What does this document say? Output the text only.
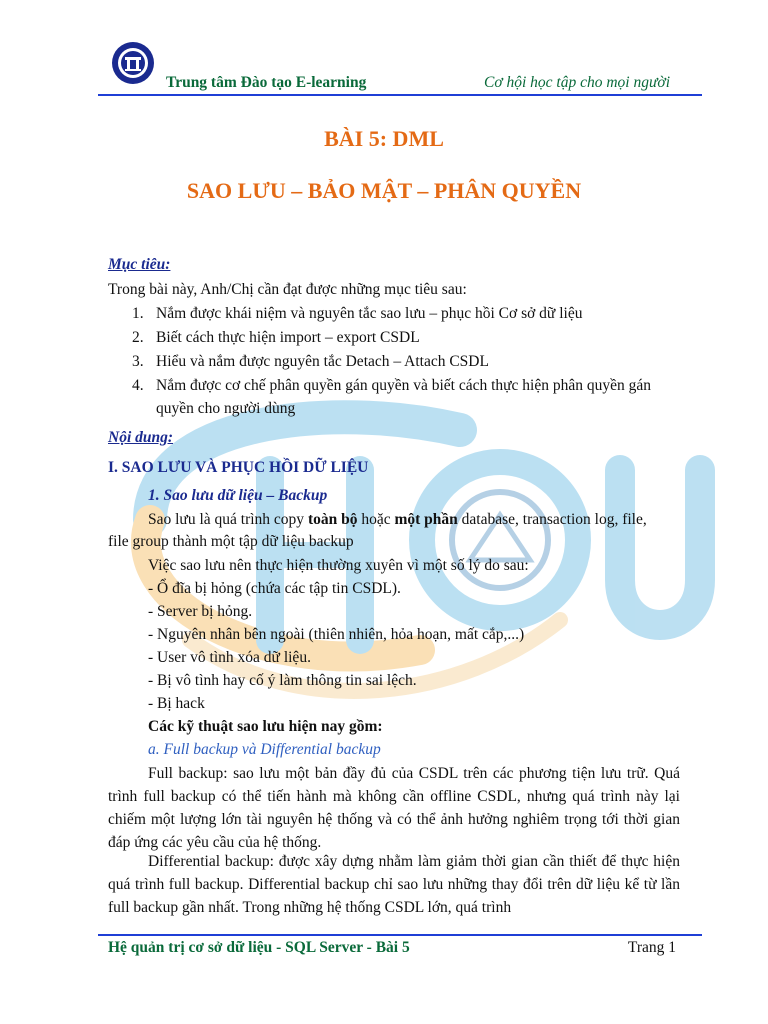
Trung tâm Đào tạo E-learning	Cơ hội học tập cho mọi người
BÀI 5: DML
SAO LƯU – BẢO MẬT – PHÂN QUYỀN
Mục tiêu:
Trong bài này, Anh/Chị cần đạt được những mục tiêu sau:
1. Nắm được khái niệm và nguyên tắc sao lưu – phục hồi Cơ sở dữ liệu
2. Biết cách thực hiện import – export CSDL
3. Hiểu và nắm được nguyên tắc Detach – Attach CSDL
4. Nắm được cơ chế phân quyền gán quyền và biết cách thực hiện phân quyền gán quyền cho người dùng
Nội dung:
I. SAO LƯU VÀ PHỤC HỒI DỮ LIỆU
1. Sao lưu dữ liệu – Backup
Sao lưu là quá trình copy toàn bộ hoặc một phần database, transaction log, file,
file group thành một tập dữ liệu backup
Việc sao lưu nên thực hiện thường xuyên vì một số lý do sau:
- Ổ đĩa bị hỏng (chứa các tập tin CSDL).
- Server bị hỏng.
- Nguyên nhân bên ngoài (thiên nhiên, hỏa hoạn, mất cắp,...)
- User vô tình xóa dữ liệu.
- Bị vô tình hay cố ý làm thông tin sai lệch.
- Bị hack
Các kỹ thuật sao lưu hiện nay gồm:
a. Full backup và Differential backup
Full backup: sao lưu một bản đầy đủ của CSDL trên các phương tiện lưu trữ. Quá trình full backup có thể tiến hành mà không cần offline CSDL, nhưng quá trình này lại chiếm một lượng lớn tài nguyên hệ thống và có thể ảnh hưởng nghiêm trọng tới thời gian đáp ứng các yêu cầu của hệ thống.
Differential backup: được xây dựng nhằm làm giảm thời gian cần thiết để thực hiện quá trình full backup. Differential backup chỉ sao lưu những thay đổi trên dữ liệu kể từ lần full backup gần nhất. Trong những hệ thống CSDL lớn, quá trình
Hệ quản trị cơ sở dữ liệu - SQL Server - Bài 5	Trang 1
